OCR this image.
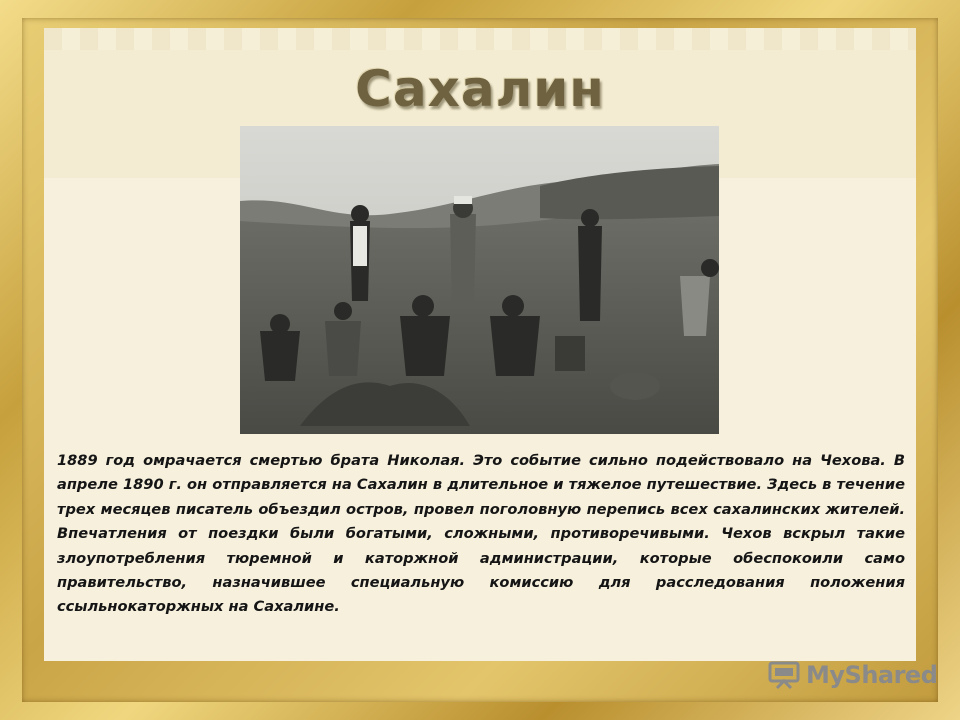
Сахалин

1889 год омрачается смертью брата Николая. Это событие сильно подействовало на Чехова. В апреле 1890 г. он отправляется на Сахалин в длительное и тяжелое путешествие. Здесь в течение трех месяцев писатель объездил остров, провел поголовную перепись всех сахалинских жителей. Впечатления от поездки были богатыми, сложными, противоречивыми. Чехов вскрыл такие злоупотребления тюремной и каторжной администрации, которые обеспокоили само правительство, назначившее специальную комиссию для расследования положения ссыльнокаторжных на Сахалине.

MyShared
